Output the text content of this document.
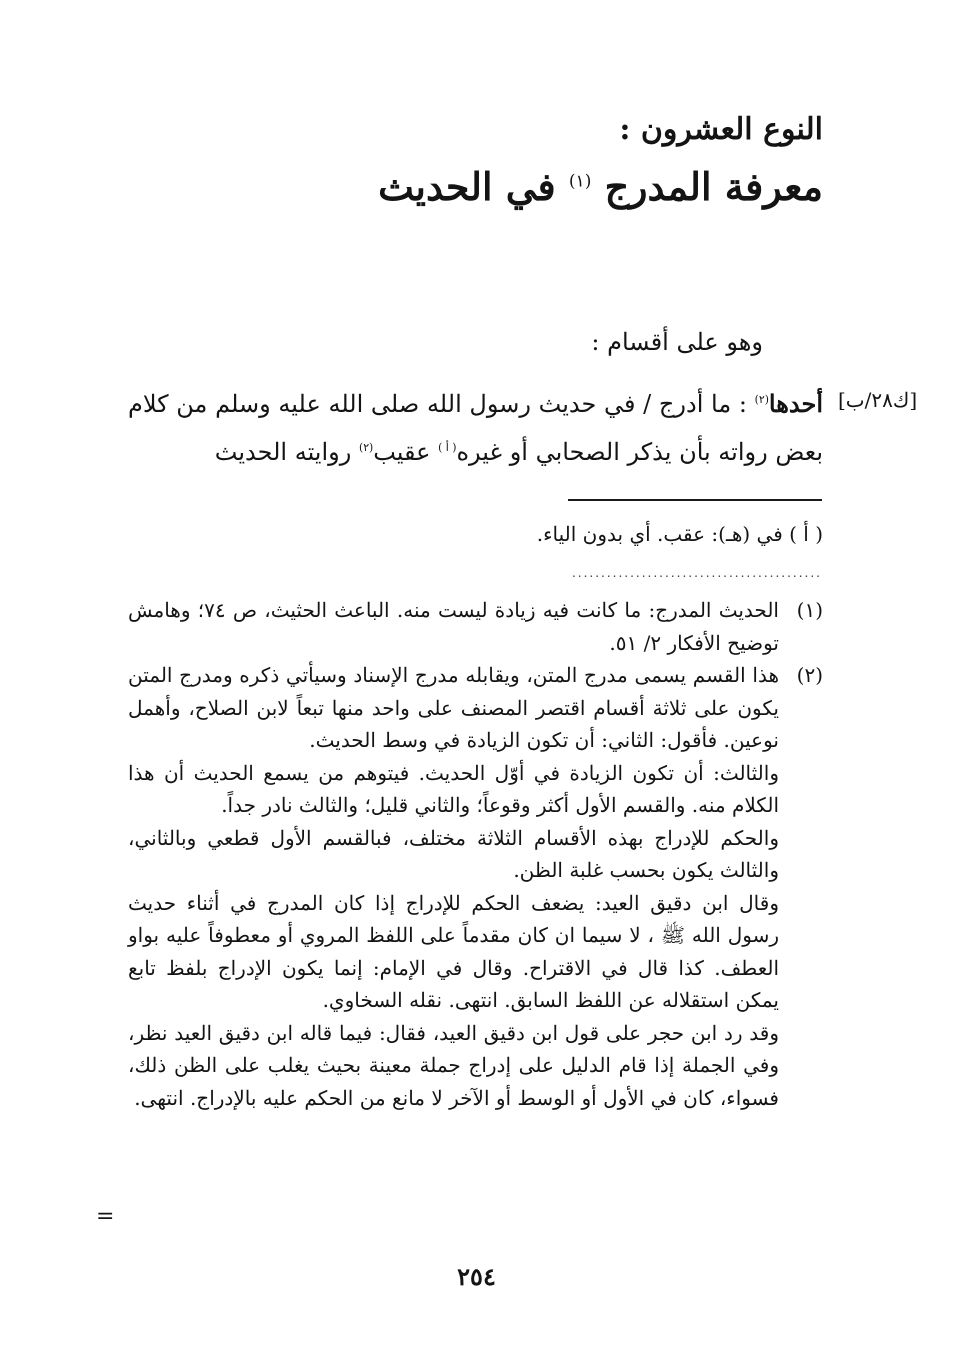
النوع العشرون :
معرفة المدرج $^{(١)}$ في الحديث
وهو على أقسام :
[ك٢٨/ب]
أحدها$^{(٢)}$ : ما أدرج / في حديث رسول الله صلى الله عليه وسلم من كلام بعض رواته بأن يذكر الصحابي أو غيره$^{( أ )}$ عقيب$^{(٢)}$ روايته الحديث
( أ ) في (هـ): عقب. أي بدون الياء.
...........................................
(١)
الحديث المدرج: ما كانت فيه زيادة ليست منه. الباعث الحثيث، ص ٧٤؛ وهامش توضيح الأفكار ٢/ ٥١.
(٢)
هذا القسم يسمى مدرج المتن، ويقابله مدرج الإسناد وسيأتي ذكره ومدرج المتن يكون على ثلاثة أقسام اقتصر المصنف على واحد منها تبعاً لابن الصلاح، وأهمل نوعين. فأقول: الثاني: أن تكون الزيادة في وسط الحديث.
والثالث: أن تكون الزيادة في أوّل الحديث. فيتوهم من يسمع الحديث أن هذا الكلام منه. والقسم الأول أكثر وقوعاً؛ والثاني قليل؛ والثالث نادر جداً.
والحكم للإدراج بهذه الأقسام الثلاثة مختلف، فبالقسم الأول قطعي وبالثاني، والثالث يكون بحسب غلبة الظن.
وقال ابن دقيق العيد: يضعف الحكم للإدراج إذا كان المدرج في أثناء حديث رسول الله ﷺ ، لا سيما ان كان مقدماً على اللفظ المروي أو معطوفاً عليه بواو العطف. كذا قال في الاقتراح. وقال في الإمام: إنما يكون الإدراج بلفظ تابع يمكن استقلاله عن اللفظ السابق. انتهى. نقله السخاوي.
وقد رد ابن حجر على قول ابن دقيق العيد، فقال: فيما قاله ابن دقيق العيد نظر، وفي الجملة إذا قام الدليل على إدراج جملة معينة بحيث يغلب على الظن ذلك، فسواء، كان في الأول أو الوسط أو الآخر لا مانع من الحكم عليه بالإدراج. انتهى.
=
٢٥٤
